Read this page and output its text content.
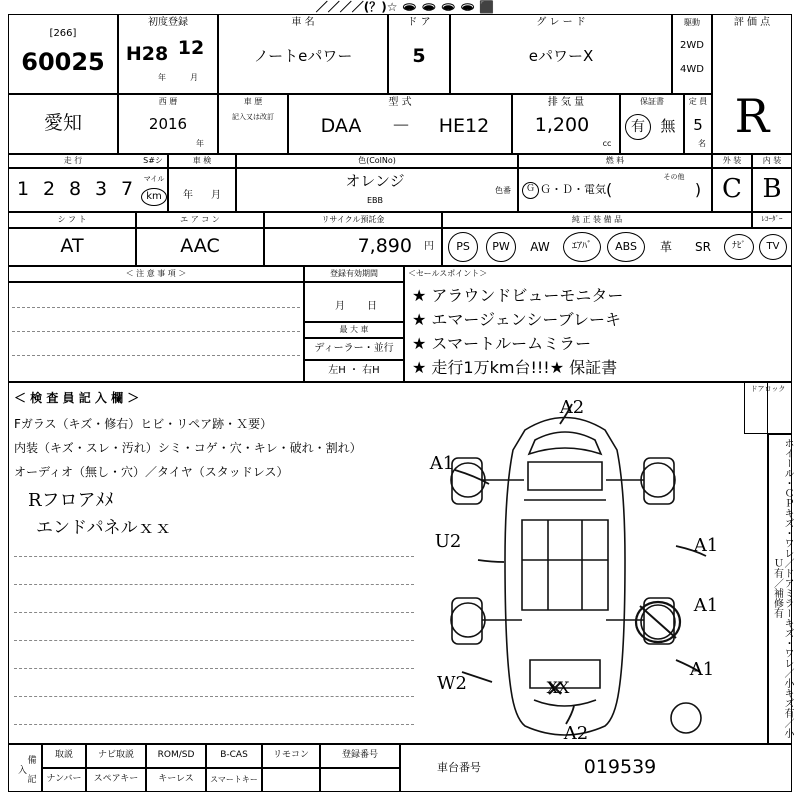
／／／／(？)☆ 🕳 🕳 🕳 🕳 ⬛
[266]
60025
初度登録
H28 12
年	月
車 名
ノートeパワー
ド ア
5
グ レ ー ド
eパワーX
駆動
2WD
4WD
評 価 点
R
愛知
西 暦
2016
年
車 歴
記入又は改訂
型 式
DAA	－	HE12
排 気 量
1,200
cc
保証書
有	無
定 員
5
名
走 行	S#シ
1 2 8 3 7	マイル
km
車 検
年	月
色(ColNo)
オレンジ
EBB
色番
燃 料
Ｇ Ｇ・Ｄ・電気 (
その他
)
外 装
C
内 装
B
シ フ ト
AT
エ ア コ ン
AAC
リサイクル預託金
7,890	円
純 正 装 備 品	ﾚｺｰﾀﾞｰ
PS	PW	AW	ｴｱﾊﾞ	ABS	革	SR	ﾅﾋﾞ	TV
＜ 注 意 事 項 ＞	登録有効期間
月	日
最 大 車
ディーラー・並行
左H ・ 右H
＜セールスポイント＞
★ アラウンドビューモニター
★ エマージェンシーブレーキ
★ スマートルームミラー
★ 走行1万km台!!!★ 保証書
＜ 検 査 員 記 入 欄 ＞
Fガラス（キズ・修右）ヒビ・リペア跡・Ｘ要）
内装（キズ・スレ・汚れ）シミ・コゲ・穴・キレ・破れ・割れ）
オーディオ（無し・穴）／タイヤ（スタッドレス）
Rフロアﾒﾒ
エンドパネルｘｘ
ドアロック
ホイール・ＣＰキズ・ワレ／ドアミラーキズ・ワレ／小キズ有／小Ｕ有／補修有
A2
A1
U2
W2
A1
A1
A1
A2
XX
備 記 入
取説	ナビ取説	ROM/SD	B-CAS	リモコン	登録番号
ナンバー	スペアキー	キーレス	スマートキー
車台番号	019539
